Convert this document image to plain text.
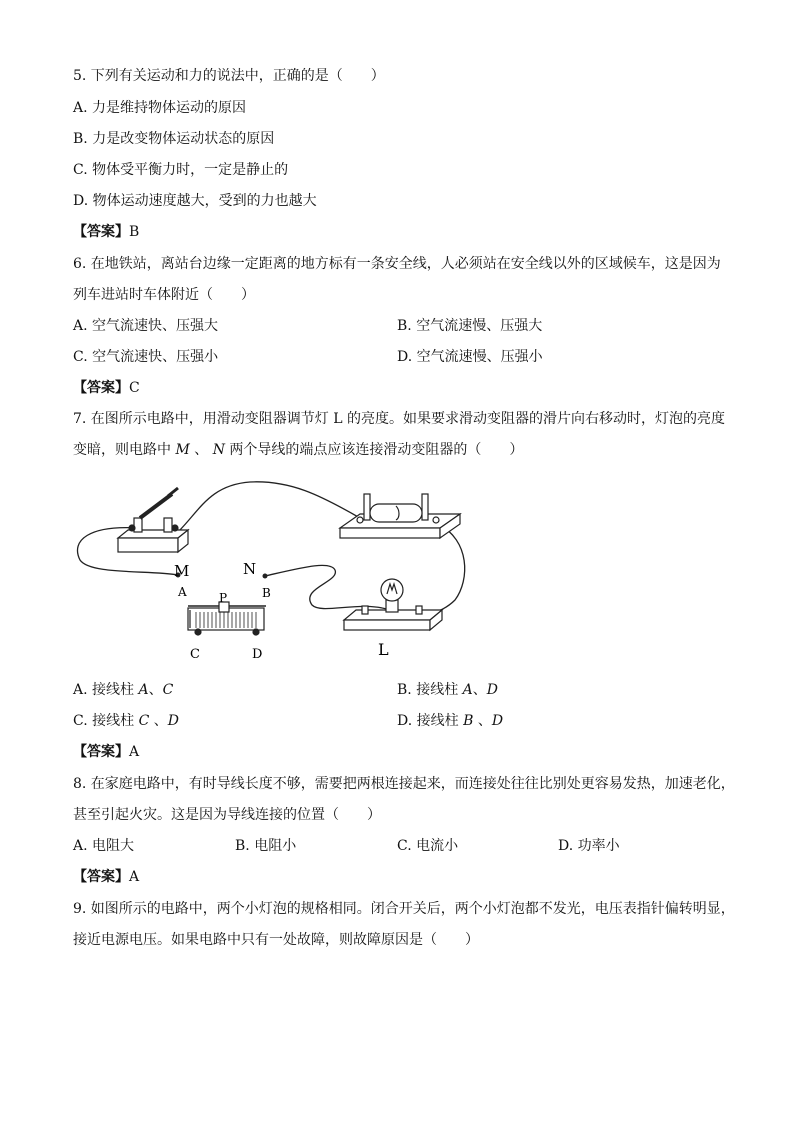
5. 下列有关运动和力的说法中，正确的是（　　）
A. 力是维持物体运动的原因
B. 力是改变物体运动状态的原因
C. 物体受平衡力时，一定是静止的
D. 物体运动速度越大，受到的力也越大
【答案】B
6. 在地铁站，离站台边缘一定距离的地方标有一条安全线，人必须站在安全线以外的区域候车，这是因为
列车进站时车体附近（　　）
A. 空气流速快、压强大	B. 空气流速慢、压强大
C. 空气流速快、压强小	D. 空气流速慢、压强小
【答案】C
7. 在图所示电路中，用滑动变阻器调节灯 L 的亮度。如果要求滑动变阻器的滑片向右移动时，灯泡的亮度
变暗，则电路中 M 、 N 两个导线的端点应该连接滑动变阻器的（　　）
M	N
A	B
P
C	D	L
A. 接线柱 A、C	B. 接线柱 A、D
C. 接线柱 C 、D	D. 接线柱 B 、D
【答案】A
8. 在家庭电路中，有时导线长度不够，需要把两根连接起来，而连接处往往比别处更容易发热，加速老化，
甚至引起火灾。这是因为导线连接的位置（　　）
A. 电阻大	B. 电阻小	C. 电流小	D. 功率小
【答案】A
9. 如图所示的电路中，两个小灯泡的规格相同。闭合开关后，两个小灯泡都不发光，电压表指针偏转明显，
接近电源电压。如果电路中只有一处故障，则故障原因是（　　）
